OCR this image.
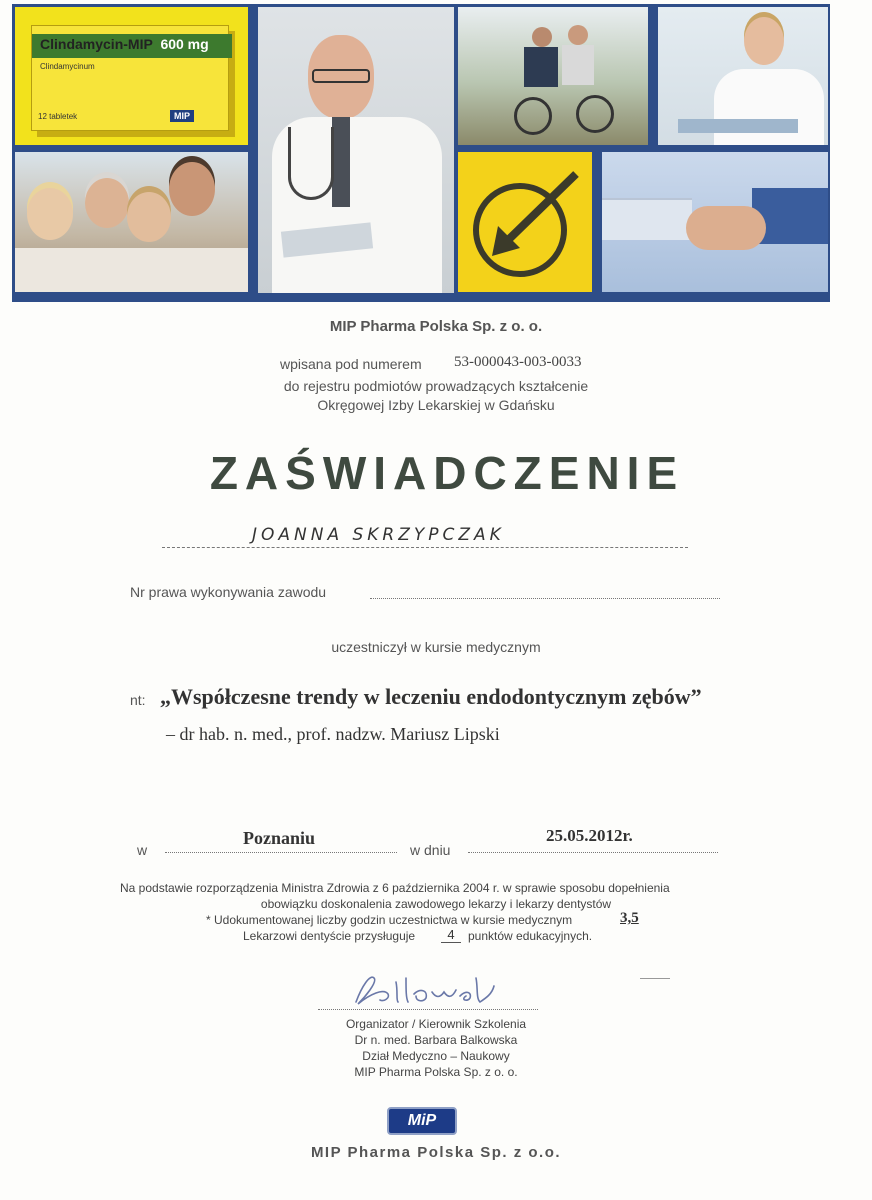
Clindamycin-MIP 600 mg
Clindamycinum
12 tabletek	MIP
MIP Pharma Polska Sp. z o. o.
wpisana pod numerem 53-000043-003-0033
do rejestru podmiotów prowadzących kształcenie
Okręgowej Izby Lekarskiej w Gdańsku
ZAŚWIADCZENIE
JOANNA SKRZYPCZAK
Nr prawa wykonywania zawodu
uczestniczył w kursie medycznym
nt: „Współczesne trendy w leczeniu endodontycznym zębów”
– dr hab. n. med., prof. nadzw. Mariusz Lipski
w
Poznaniu
w dniu
25.05.2012r.
Na podstawie rozporządzenia Ministra Zdrowia z 6 października 2004 r. w sprawie sposobu dopełnienia
obowiązku doskonalenia zawodowego lekarzy i lekarzy dentystów
* Udokumentowanej liczby godzin uczestnictwa w kursie medycznym	3,5
Lekarzowi dentyście przysługuje	4	punktów edukacyjnych.
Organizator / Kierownik Szkolenia
Dr n. med. Barbara Balkowska
Dział Medyczno – Naukowy
MIP Pharma Polska Sp. z o. o.
MiP
MIP Pharma Polska Sp. z o.o.
